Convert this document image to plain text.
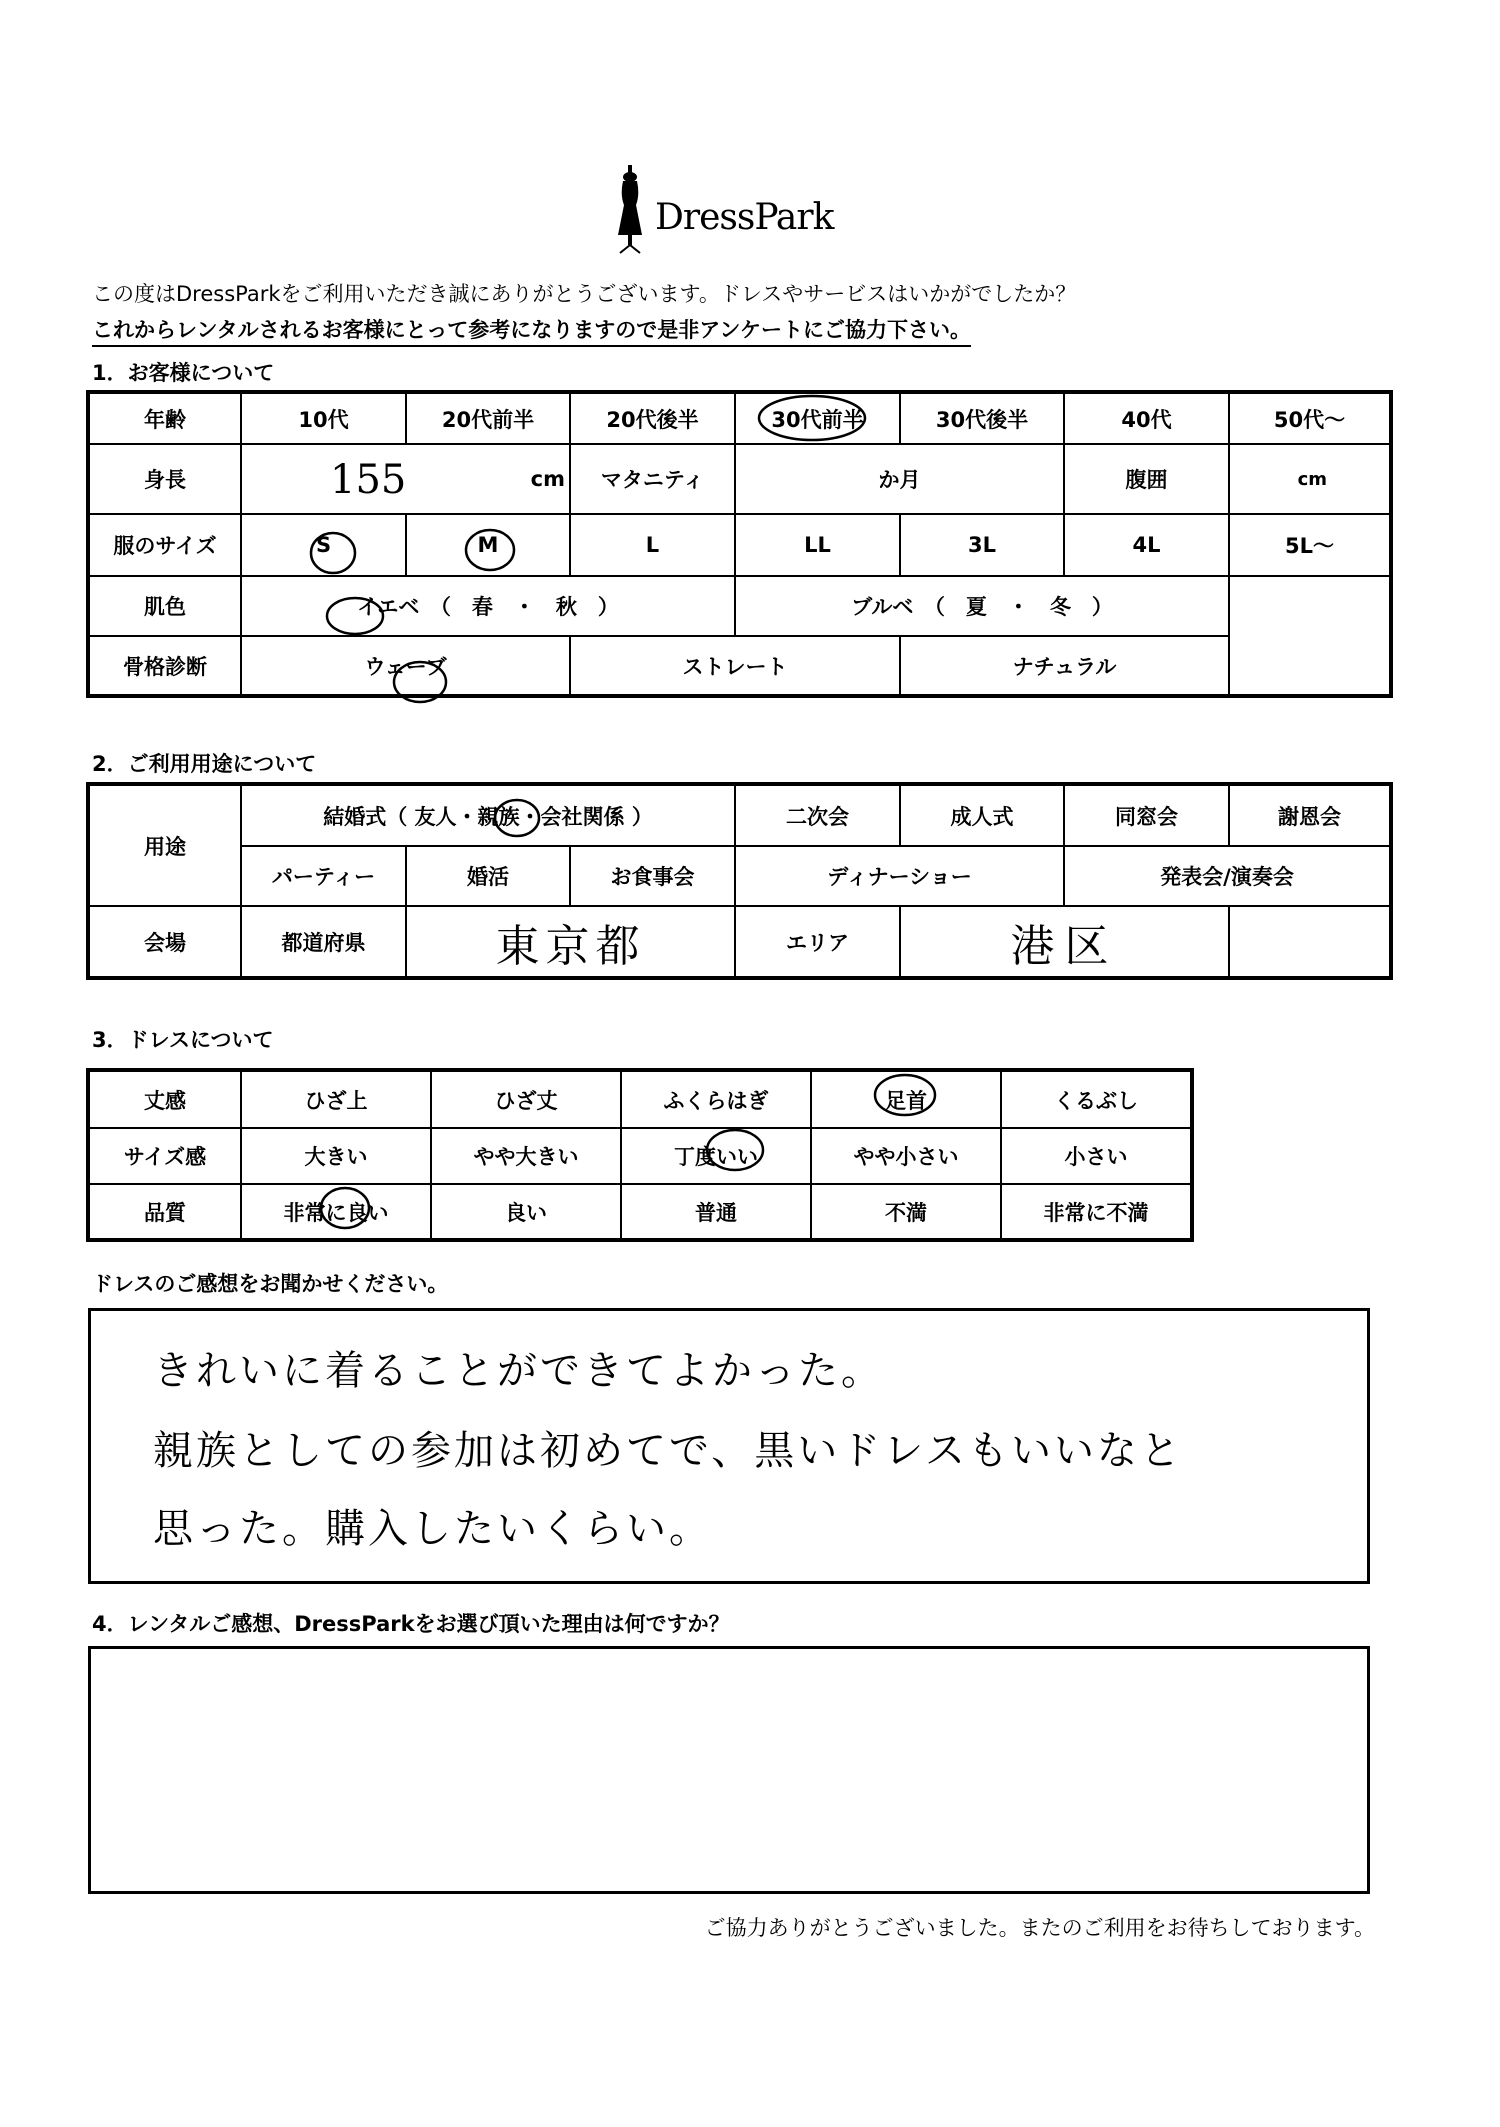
DressPark
この度はDressParkをご利用いただき誠にありがとうございます。ドレスやサービスはいかがでしたか？
これからレンタルされるお客様にとって参考になりますので是非アンケートにご協力下さい。
1．お客様について
年齢	10代	20代前半	20代後半	30代前半	30代後半	40代	50代〜
身長	155 cm		マタニティ	か月		腹囲	cm
服のサイズ	S	M	L	LL	3L	4L	5L〜
肌色	イエベ　（　春　・　秋　）			ブルベ　（　夏　・　冬　）			
骨格診断	ウェーブ		ストレート		ナチュラル		
2．ご利用用途について
用途	結婚式（ 友人・親族・会社関係 ）			二次会	成人式	同窓会	謝恩会
	パーティー	婚活	お食事会	ディナーショー		発表会/演奏会	
会場	都道府県	東京都		エリア	港区		
3．ドレスについて
丈感	ひざ上	ひざ丈	ふくらはぎ	足首	くるぶし
サイズ感	大きい	やや大きい	丁度いい	やや小さい	小さい
品質	非常に良い	良い	普通	不満	非常に不満
ドレスのご感想をお聞かせください。
きれいに着ることができてよかった。
親族としての参加は初めてで、黒いドレスもいいなと
思った。購入したいくらい。
4．レンタルご感想、DressParkをお選び頂いた理由は何ですか？
ご協力ありがとうございました。またのご利用をお待ちしております。
